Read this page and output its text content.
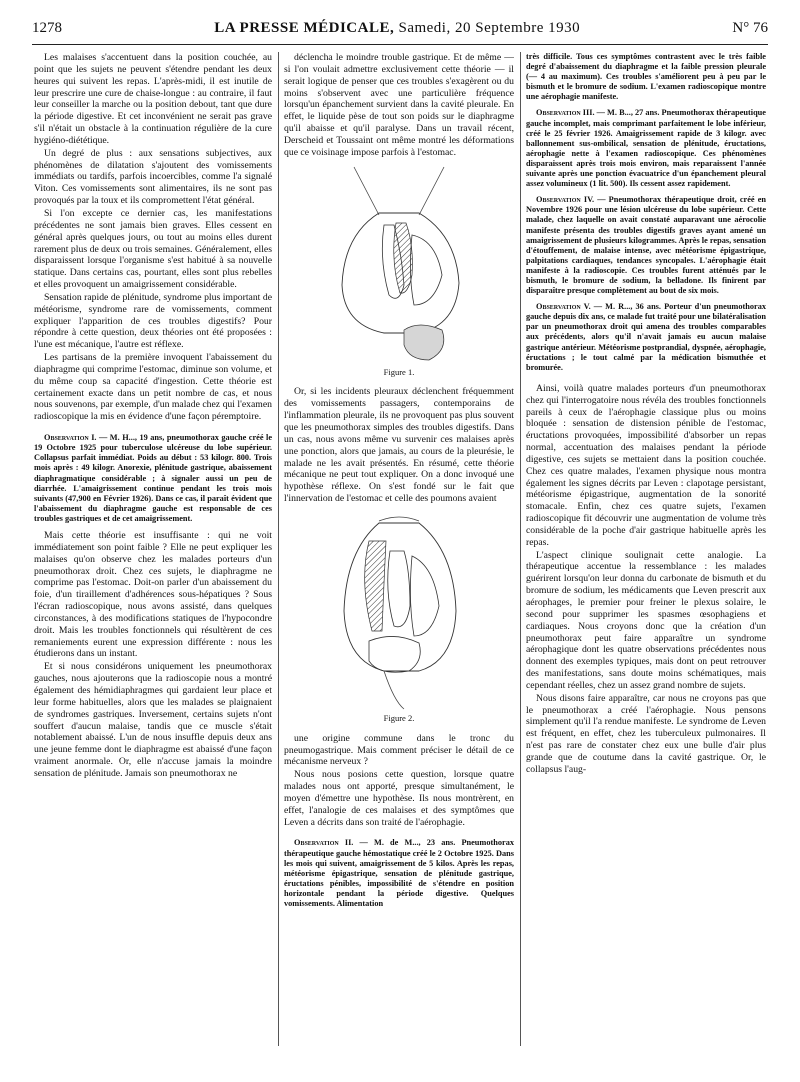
1278	LA PRESSE MÉDICALE, Samedi, 20 Septembre 1930	N° 76

Les malaises s'accentuent dans la position couchée, au point que les sujets ne peuvent s'étendre pendant les deux heures qui suivent les repas. L'après-midi, il est inutile de leur prescrire une cure de chaise-longue : au contraire, il faut leur conseiller la marche ou la position debout, tant que dure la période digestive. Et cet inconvénient ne serait pas grave s'il n'était un obstacle à la continuation régulière de la cure hygiéno-diététique.

Un degré de plus : aux sensations subjectives, aux phénomènes de dilatation s'ajoutent des vomissements immédiats ou tardifs, parfois incoercibles, comme l'a signalé Viton. Ces vomissements sont alimentaires, ils ne sont pas provoqués par la toux et ils compromettent l'état général.

Si l'on excepte ce dernier cas, les manifestations précédentes ne sont jamais bien graves. Elles cessent en général après quelques jours, ou tout au moins elles durent rarement plus de deux ou trois semaines. Généralement, elles disparaissent lorsque l'organisme s'est habitué à sa nouvelle statique. Dans certains cas, pourtant, elles sont plus rebelles et elles provoquent un amaigrissement considérable.

Sensation rapide de plénitude, syndrome plus important de météorisme, syndrome rare de vomissements, comment expliquer l'apparition de ces troubles digestifs? Pour répondre à cette question, deux théories ont été proposées : l'une est mécanique, l'autre est réflexe.

Les partisans de la première invoquent l'abaissement du diaphragme qui comprime l'estomac, diminue son volume, et du même coup sa capacité d'ingestion. Cette théorie est certainement exacte dans un petit nombre de cas, et nous nous souvenons, par exemple, d'un malade chez qui l'examen radioscopique la mis en évidence d'une façon péremptoire.

Observation I. — M. H..., 19 ans, pneumothorax gauche créé le 19 Octobre 1925 pour tuberculose ulcéreuse du lobe supérieur. Collapsus parfait immédiat. Poids au début : 53 kilogr. 800. Trois mois après : 49 kilogr. Anorexie, plénitude gastrique, abaissement diaphragmatique considérable ; à signaler aussi un peu de diarrhée. L'amaigrissement continue pendant les trois mois suivants (47,900 en Février 1926). Dans ce cas, il paraît évident que l'abaissement du diaphragme gauche est responsable de ces troubles gastriques et de cet amaigrissement.

Mais cette théorie est insuffisante : qui ne voit immédiatement son point faible ? Elle ne peut expliquer les malaises qu'on observe chez les malades porteurs d'un pneumothorax droit. Chez ces sujets, le diaphragme ne comprime pas l'estomac. Doit-on parler d'un abaissement du foie, d'un tiraillement d'adhérences sous-hépatiques ? Sous l'écran radioscopique, nous avons assisté, dans quelques circonstances, à des modifications statiques de l'hypocondre droit. Mais les troubles fonctionnels qui résultèrent de ces remaniements eurent une expression différente : nous les étudierons dans un instant.

Et si nous considérons uniquement les pneumothorax gauches, nous ajouterons que la radioscopie nous a montré également des hémidiaphragmes qui gardaient leur place et leur forme habituelles, alors que les malades se plaignaient de syndromes gastriques. Inversement, certains sujets n'ont souffert d'aucun malaise, tandis que ce muscle s'était notablement abaissé. L'un de nous insuffle depuis deux ans une jeune femme dont le diaphragme est abaissé d'une façon vraiment anormale. Or, elle n'accuse jamais la moindre sensation de plénitude. Jamais son pneumothorax ne

déclencha le moindre trouble gastrique. Et de même — si l'on voulait admettre exclusivement cette théorie — il serait logique de penser que ces troubles s'exagèrent ou du moins s'observent avec une particulière fréquence lorsqu'un épanchement survient dans la cavité pleurale. En effet, le liquide pèse de tout son poids sur le diaphragme qu'il abaisse et qu'il paralyse. Dans un travail récent, Derscheid et Toussaint ont même montré les déformations que ce voisinage impose parfois à l'estomac.

Figure 1.

Or, si les incidents pleuraux déclenchent fréquemment des vomissements passagers, contemporains de l'inflammation pleurale, ils ne provoquent pas plus souvent que les pneumothorax simples des troubles digestifs. Dans un cas, nous avons même vu survenir ces malaises après une ponction, alors que jamais, au cours de la pleurésie, le malade ne les avait présentés. En résumé, cette théorie mécanique ne peut tout expliquer. On a donc invoqué une hypothèse réflexe. On s'est fondé sur le fait que l'innervation de l'estomac et celle des poumons avaient

Figure 2.

une origine commune dans le tronc du pneumogastrique. Mais comment préciser le détail de ce mécanisme nerveux ?

Nous nous posions cette question, lorsque quatre malades nous ont apporté, presque simultanément, le moyen d'émettre une hypothèse. Ils nous montrèrent, en effet, l'analogie de ces malaises et des symptômes que Leven a décrits dans son traité de l'aérophagie.

Observation II. — M. de M..., 23 ans. Pneumothorax thérapeutique gauche hémostatique créé le 2 Octobre 1925. Dans les mois qui suivent, amaigrissement de 5 kilos. Après les repas, météorisme épigastrique, sensation de plénitude gastrique, éructations pénibles, impossibilité de s'étendre en position horizontale pendant la période digestive. Quelques vomissements. Alimentation

très difficile. Tous ces symptômes contrastent avec le très faible degré d'abaissement du diaphragme et la faible pression pleurale (— 4 au maximum). Ces troubles s'améliorent peu à peu par le bismuth et le bromure de sodium. L'examen radioscopique montre une aérophagie manifeste.

Observation III. — M. B..., 27 ans. Pneumothorax thérapeutique gauche incomplet, mais comprimant parfaitement le lobe inférieur, créé le 25 février 1926. Amaigrissement rapide de 3 kilogr. avec ballonnement sus-ombilical, sensation de plénitude, éructations, aérophagie nette à l'examen radioscopique. Ces phénomènes disparaissent après trois mois environ, mais reparaissent l'année suivante après une ponction évacuatrice d'un épanchement pleural assez volumineux (1 lit. 500). Ils cessent assez rapidement.

Observation IV. — Pneumothorax thérapeutique droit, créé en Novembre 1926 pour une lésion ulcéreuse du lobe supérieur. Cette malade, chez laquelle on avait constaté auparavant une aérocolie manifeste présenta des troubles digestifs graves ayant amené un amaigrissement de plusieurs kilogrammes. Après le repas, sensation d'étouffement, de malaise intense, avec météorisme épigastrique, palpitations cardiaques, tendances syncopales. L'aérophagie était manifeste à la radioscopie. Ces troubles furent atténués par le bismuth, le bromure de sodium, la belladone. Ils finirent par disparaître presque complètement au bout de six mois.

Observation V. — M. R..., 36 ans. Porteur d'un pneumothorax gauche depuis dix ans, ce malade fut traité pour une bilatéralisation par un pneumothorax droit qui amena des troubles comparables aux précédents, alors qu'il n'avait jamais eu aucun malaise gastrique antérieur. Météorisme postprandial, dyspnée, aérophagie, éructations ; le tout calmé par la médication bismuthée et bromurée.

Ainsi, voilà quatre malades porteurs d'un pneumothorax chez qui l'interrogatoire nous révéla des troubles fonctionnels pareils à ceux de l'aérophagie classique plus ou moins bloquée : sensation de distension pénible de l'estomac, éructations provoquées, impossibilité d'absorber un repas normal, accentuation des malaises pendant la période digestive, ces sujets se mettaient dans la position couchée. Chez ces quatre malades, l'examen physique nous montra également les signes décrits par Leven : clapotage persistant, météorisme épigastrique, augmentation de la sonorité stomacale. Enfin, chez ces quatre sujets, l'examen radioscopique fit découvrir une augmentation de volume très considérable de la poche d'air gastrique habituelle après les repas.

L'aspect clinique soulignait cette analogie. La thérapeutique accentue la ressemblance : les malades guérirent lorsqu'on leur donna du carbonate de bismuth et du bromure de sodium, les médicaments que Leven prescrit aux aérophages, le premier pour freiner le plexus solaire, le second pour supprimer les spasmes œsophagiens et cardiaques. Nous croyons donc que la création d'un pneumothorax peut faire apparaître un syndrome aérophagique dont les quatre observations précédentes nous donnent des exemples typiques, mais dont on peut retrouver des manifestations, sans doute moins schématiques, mais cependant réelles, chez un assez grand nombre de sujets.

Nous disons faire apparaître, car nous ne croyons pas que le pneumothorax a créé l'aérophagie. Nous pensons simplement qu'il l'a rendue manifeste. Le syndrome de Leven est fréquent, en effet, chez les tuberculeux pulmonaires. Il n'est pas rare de constater chez eux une bulle d'air plus grande que de coutume dans la cavité gastrique. Or, le collapsus l'aug-
